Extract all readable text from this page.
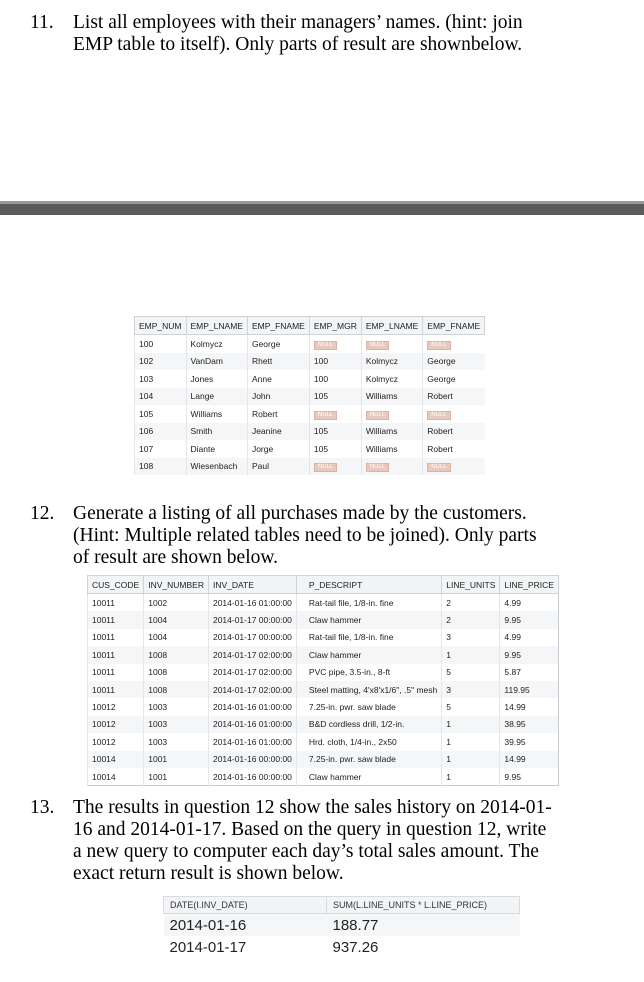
11. List all employees with their managers’ names. (hint: join
EMP table to itself). Only parts of result are shownbelow.
EMP_NUM	EMP_LNAME	EMP_FNAME	EMP_MGR	EMP_LNAME	EMP_FNAME
100	Kolmycz	George	NULL	NULL	NULL
102	VanDam	Rhett	100	Kolmycz	George
103	Jones	Anne	100	Kolmycz	George
104	Lange	John	105	Williams	Robert
105	Williams	Robert	NULL	NULL	NULL
106	Smith	Jeanine	105	Williams	Robert
107	Diante	Jorge	105	Williams	Robert
108	Wiesenbach	Paul	NULL	NULL	NULL
12. Generate a listing of all purchases made by the customers.
(Hint: Multiple related tables need to be joined). Only parts
of result are shown below.
CUS_CODE	INV_NUMBER	INV_DATE	P_DESCRIPT	LINE_UNITS	LINE_PRICE
10011	1002	2014-01-16 01:00:00	Rat-tail file, 1/8-in. fine	2	4.99
10011	1004	2014-01-17 00:00:00	Claw hammer	2	9.95
10011	1004	2014-01-17 00:00:00	Rat-tail file, 1/8-in. fine	3	4.99
10011	1008	2014-01-17 02:00:00	Claw hammer	1	9.95
10011	1008	2014-01-17 02:00:00	PVC pipe, 3.5-in., 8-ft	5	5.87
10011	1008	2014-01-17 02:00:00	Steel matting, 4'x8'x1/6", .5" mesh	3	119.95
10012	1003	2014-01-16 01:00:00	7.25-in. pwr. saw blade	5	14.99
10012	1003	2014-01-16 01:00:00	B&D cordless drill, 1/2-in.	1	38.95
10012	1003	2014-01-16 01:00:00	Hrd. cloth, 1/4-in., 2x50	1	39.95
10014	1001	2014-01-16 00:00:00	7.25-in. pwr. saw blade	1	14.99
10014	1001	2014-01-16 00:00:00	Claw hammer	1	9.95
13. The results in question 12 show the sales history on 2014-01-
16 and 2014-01-17. Based on the query in question 12, write
a new query to computer each day’s total sales amount. The
exact return result is shown below.
DATE(I.INV_DATE)	SUM(L.LINE_UNITS * L.LINE_PRICE)
2014-01-16	188.77
2014-01-17	937.26
